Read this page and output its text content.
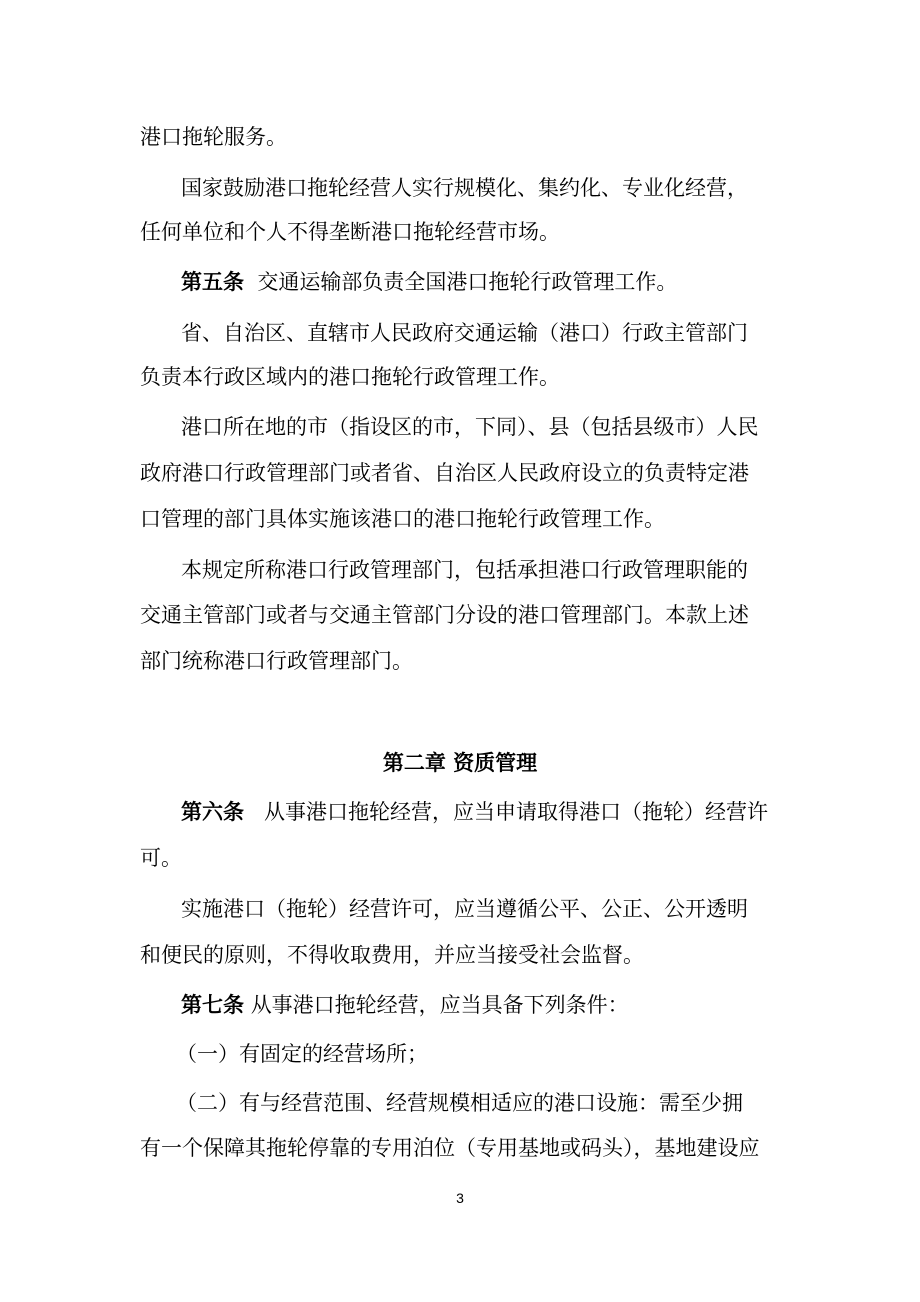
港口拖轮服务。
国家鼓励港口拖轮经营人实行规模化、集约化、专业化经营，
任何单位和个人不得垄断港口拖轮经营市场。
第五条 交通运输部负责全国港口拖轮行政管理工作。
省、自治区、直辖市人民政府交通运输（港口）行政主管部门
负责本行政区域内的港口拖轮行政管理工作。
港口所在地的市（指设区的市，下同）、县（包括县级市）人民
政府港口行政管理部门或者省、自治区人民政府设立的负责特定港
口管理的部门具体实施该港口的港口拖轮行政管理工作。
本规定所称港口行政管理部门，包括承担港口行政管理职能的
交通主管部门或者与交通主管部门分设的港口管理部门。本款上述
部门统称港口行政管理部门。
第二章 资质管理
第六条 从事港口拖轮经营，应当申请取得港口（拖轮）经营许
可。
实施港口（拖轮）经营许可，应当遵循公平、公正、公开透明
和便民的原则，不得收取费用，并应当接受社会监督。
第七条 从事港口拖轮经营，应当具备下列条件：
（一）有固定的经营场所；
（二）有与经营范围、经营规模相适应的港口设施：需至少拥
有一个保障其拖轮停靠的专用泊位（专用基地或码头），基地建设应
3
